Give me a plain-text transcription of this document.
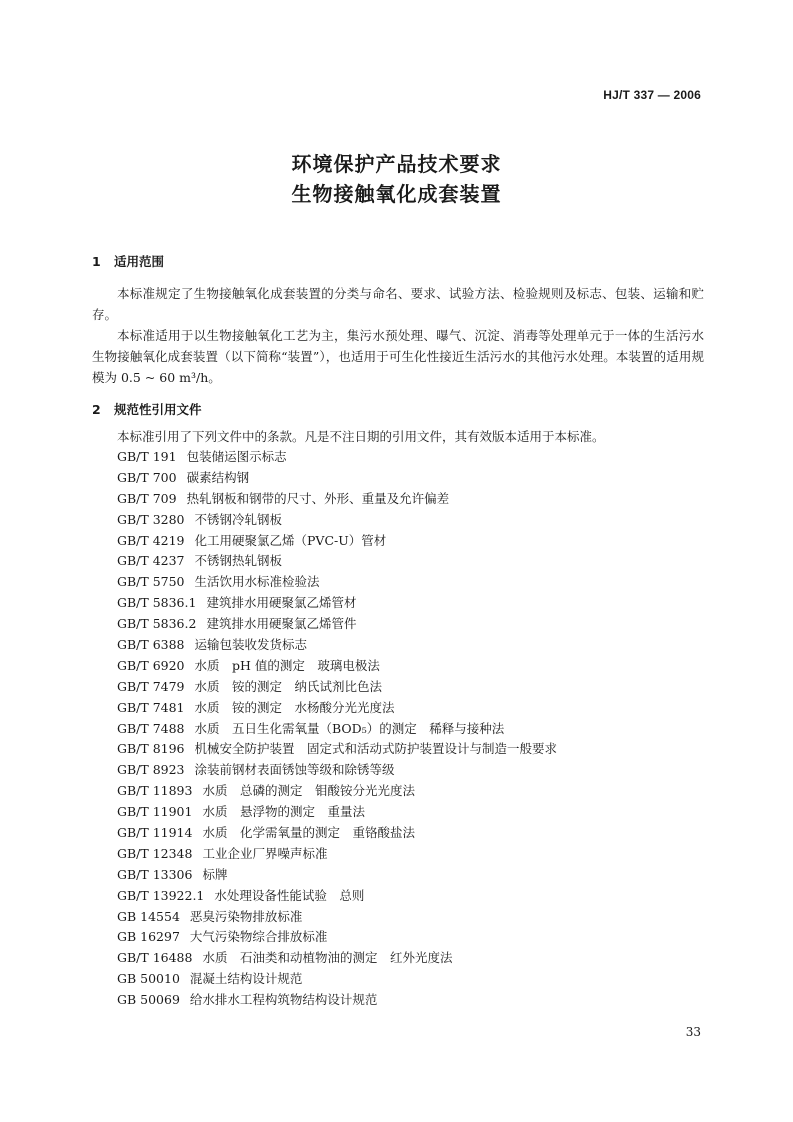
HJ/T 337 — 2006
环境保护产品技术要求
生物接触氧化成套装置
1 适用范围
本标准规定了生物接触氧化成套装置的分类与命名、要求、试验方法、检验规则及标志、包装、运输和贮存。
本标准适用于以生物接触氧化工艺为主，集污水预处理、曝气、沉淀、消毒等处理单元于一体的生活污水生物接触氧化成套装置（以下简称“装置”），也适用于可生化性接近生活污水的其他污水处理。本装置的适用规模为 0.5 ~ 60 m³/h。
2 规范性引用文件
本标准引用了下列文件中的条款。凡是不注日期的引用文件，其有效版本适用于本标准。
GB/T 191 包装储运图示标志
GB/T 700 碳素结构钢
GB/T 709 热轧钢板和钢带的尺寸、外形、重量及允许偏差
GB/T 3280 不锈钢冷轧钢板
GB/T 4219 化工用硬聚氯乙烯（PVC-U）管材
GB/T 4237 不锈钢热轧钢板
GB/T 5750 生活饮用水标准检验法
GB/T 5836.1 建筑排水用硬聚氯乙烯管材
GB/T 5836.2 建筑排水用硬聚氯乙烯管件
GB/T 6388 运输包装收发货标志
GB/T 6920 水质　pH 值的测定　玻璃电极法
GB/T 7479 水质　铵的测定　纳氏试剂比色法
GB/T 7481 水质　铵的测定　水杨酸分光光度法
GB/T 7488 水质　五日生化需氧量（BOD₅）的测定　稀释与接种法
GB/T 8196 机械安全防护装置　固定式和活动式防护装置设计与制造一般要求
GB/T 8923 涂装前钢材表面锈蚀等级和除锈等级
GB/T 11893 水质　总磷的测定　钼酸铵分光光度法
GB/T 11901 水质　悬浮物的测定　重量法
GB/T 11914 水质　化学需氧量的测定　重铬酸盐法
GB/T 12348 工业企业厂界噪声标准
GB/T 13306 标牌
GB/T 13922.1 水处理设备性能试验　总则
GB 14554 恶臭污染物排放标准
GB 16297 大气污染物综合排放标准
GB/T 16488 水质　石油类和动植物油的测定　红外光度法
GB 50010 混凝土结构设计规范
GB 50069 给水排水工程构筑物结构设计规范
33
